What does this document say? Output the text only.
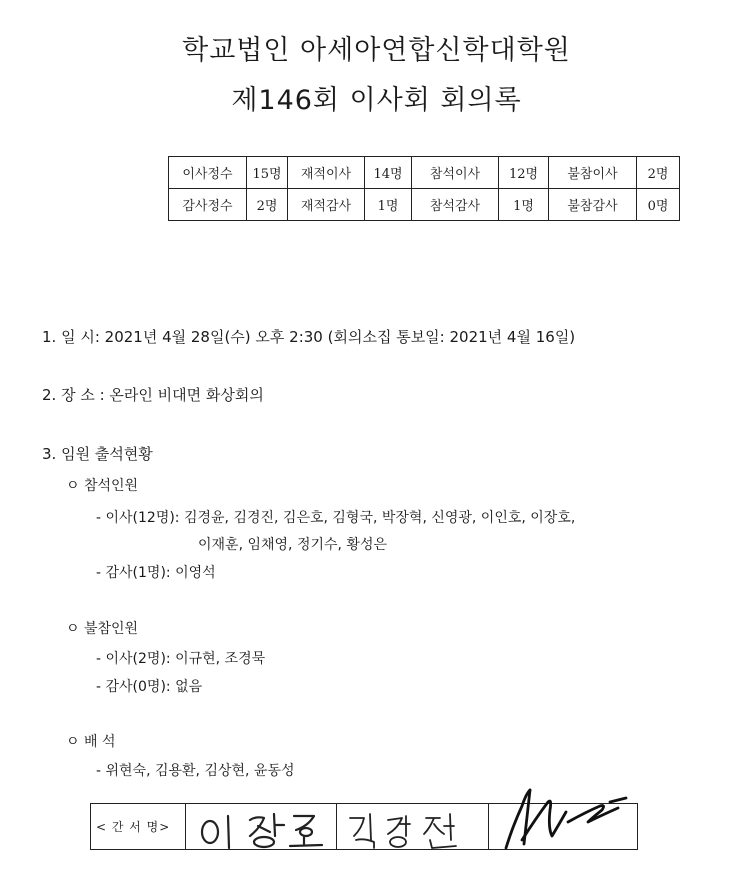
학교법인 아세아연합신학대학원
제146회 이사회 회의록
이사정수	15명	재적이사	14명	참석이사	12명	불참이사	2명
감사정수	2명	재적감사	1명	참석감사	1명	불참감사	0명
1. 일 시: 2021년 4월 28일(수) 오후 2:30 (회의소집 통보일: 2021년 4월 16일)
2. 장 소 : 온라인 비대면 화상회의
3. 임원 출석현황
ㅇ 참석인원
- 이사(12명): 김경윤, 김경진, 김은호, 김형국, 박장혁, 신영광, 이인호, 이장호,
이재훈, 임채영, 정기수, 황성은
- 감사(1명): 이영석
ㅇ 불참인원
- 이사(2명): 이규현, 조경묵
- 감사(0명): 없음
ㅇ 배 석
- 위현숙, 김용환, 김상현, 윤동성
< 간 서 명>
